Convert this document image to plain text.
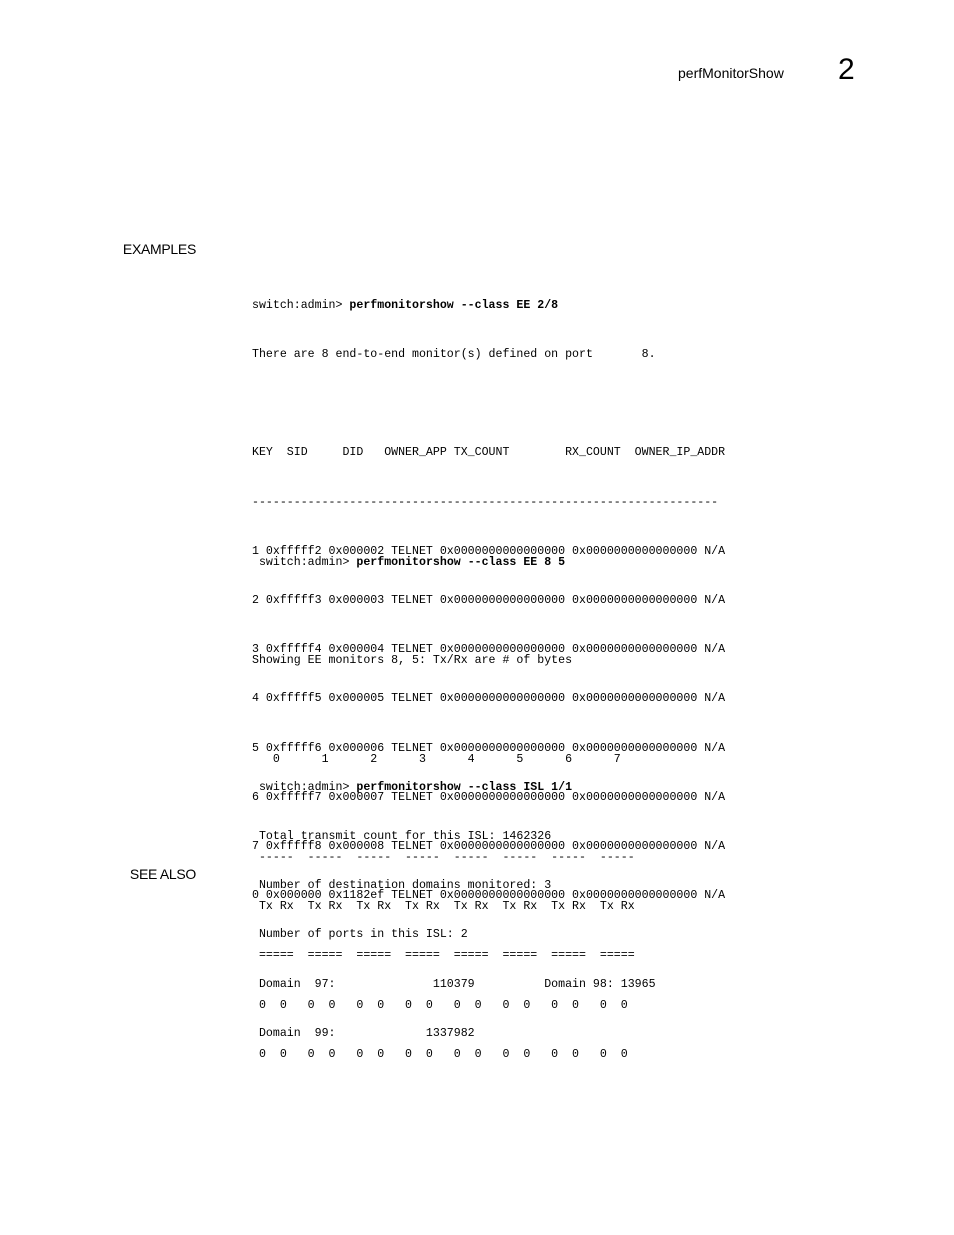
perfMonitorShow 2
EXAMPLES

switch:admin> perfmonitorshow --class EE 2/8

There are 8 end-to-end monitor(s) defined on port       8.

KEY  SID     DID   OWNER_APP TX_COUNT        RX_COUNT  OWNER_IP_ADDR

-------------------------------------------------------------------

1 0xfffff2 0x000002 TELNET 0x0000000000000000 0x0000000000000000 N/A

2 0xfffff3 0x000003 TELNET 0x0000000000000000 0x0000000000000000 N/A

3 0xfffff4 0x000004 TELNET 0x0000000000000000 0x0000000000000000 N/A

4 0xfffff5 0x000005 TELNET 0x0000000000000000 0x0000000000000000 N/A

5 0xfffff6 0x000006 TELNET 0x0000000000000000 0x0000000000000000 N/A

6 0xfffff7 0x000007 TELNET 0x0000000000000000 0x0000000000000000 N/A

7 0xfffff8 0x000008 TELNET 0x0000000000000000 0x0000000000000000 N/A

0 0x000000 0x1182ef TELNET 0x0000000000000000 0x0000000000000000 N/A

switch:admin> perfmonitorshow --class EE 8 5

Showing EE monitors 8, 5: Tx/Rx are # of bytes

0      1      2      3      4      5      6      7

-----  -----  -----  -----  -----  -----  -----  -----

Tx Rx  Tx Rx  Tx Rx  Tx Rx  Tx Rx  Tx Rx  Tx Rx  Tx Rx

=====  =====  =====  =====  =====  =====  =====  =====

0  0   0  0   0  0   0  0   0  0   0  0   0  0   0  0

0  0   0  0   0  0   0  0   0  0   0  0   0  0   0  0

switch:admin> perfmonitorshow --class ISL 1/1

Total transmit count for this ISL: 1462326

Number of destination domains monitored: 3

Number of ports in this ISL: 2

Domain  97:              110379          Domain 98: 13965

Domain  99:             1337982

SEE ALSO
